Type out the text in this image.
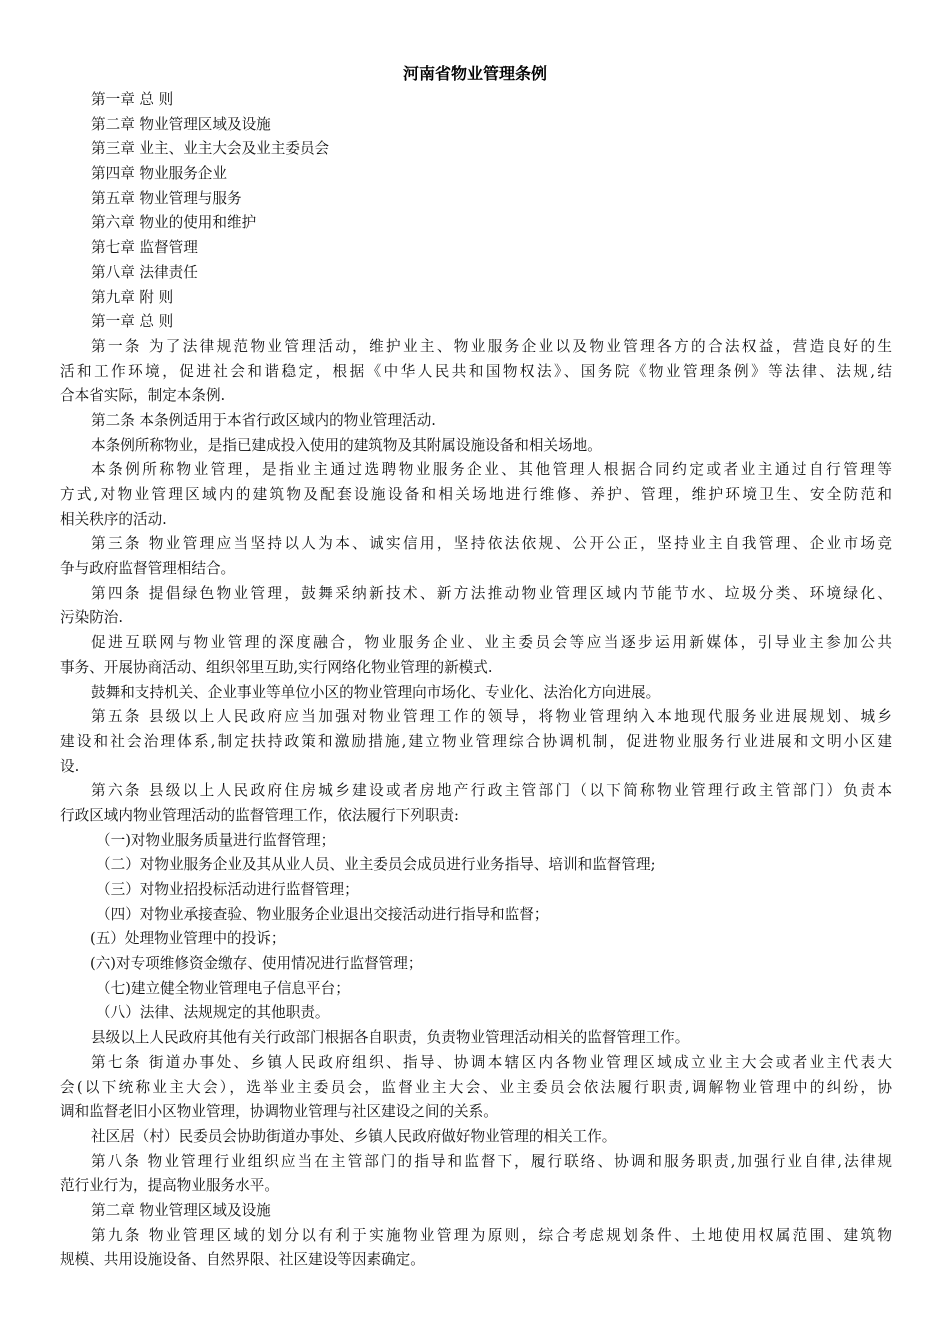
河南省物业管理条例
第一章 总 则
第二章 物业管理区域及设施
第三章 业主、业主大会及业主委员会
第四章 物业服务企业
第五章 物业管理与服务
第六章 物业的使用和维护
第七章 监督管理
第八章 法律责任
第九章 附 则
第一章 总 则
第一条 为了法律规范物业管理活动，维护业主、物业服务企业以及物业管理各方的合法权益，营造良好的生
活和工作环境，促进社会和谐稳定，根据《中华人民共和国物权法》、国务院《物业管理条例》等法律、法规,结
合本省实际，制定本条例.
第二条 本条例适用于本省行政区域内的物业管理活动.
本条例所称物业，是指已建成投入使用的建筑物及其附属设施设备和相关场地。
本条例所称物业管理，是指业主通过选聘物业服务企业、其他管理人根据合同约定或者业主通过自行管理等
方式,对物业管理区域内的建筑物及配套设施设备和相关场地进行维修、养护、管理，维护环境卫生、安全防范和
相关秩序的活动.
第三条 物业管理应当坚持以人为本、诚实信用，坚持依法依规、公开公正，坚持业主自我管理、企业市场竞
争与政府监督管理相结合。
第四条 提倡绿色物业管理，鼓舞采纳新技术、新方法推动物业管理区域内节能节水、垃圾分类、环境绿化、
污染防治.
促进互联网与物业管理的深度融合，物业服务企业、业主委员会等应当逐步运用新媒体，引导业主参加公共
事务、开展协商活动、组织邻里互助,实行网络化物业管理的新模式.
鼓舞和支持机关、企业事业等单位小区的物业管理向市场化、专业化、法治化方向进展。
第五条 县级以上人民政府应当加强对物业管理工作的领导，将物业管理纳入本地现代服务业进展规划、城乡
建设和社会治理体系,制定扶持政策和激励措施,建立物业管理综合协调机制，促进物业服务行业进展和文明小区建
设.
第六条 县级以上人民政府住房城乡建设或者房地产行政主管部门（以下简称物业管理行政主管部门）负责本
行政区域内物业管理活动的监督管理工作，依法履行下列职责:
（一)对物业服务质量进行监督管理；
（二）对物业服务企业及其从业人员、业主委员会成员进行业务指导、培训和监督管理;
（三）对物业招投标活动进行监督管理；
（四）对物业承接查验、物业服务企业退出交接活动进行指导和监督；
(五）处理物业管理中的投诉；
(六)对专项维修资金缴存、使用情况进行监督管理；
（七)建立健全物业管理电子信息平台；
（八）法律、法规规定的其他职责。
县级以上人民政府其他有关行政部门根据各自职责，负责物业管理活动相关的监督管理工作。
第七条 街道办事处、乡镇人民政府组织、指导、协调本辖区内各物业管理区域成立业主大会或者业主代表大
会(以下统称业主大会），选举业主委员会，监督业主大会、业主委员会依法履行职责,调解物业管理中的纠纷，协
调和监督老旧小区物业管理，协调物业管理与社区建设之间的关系。
社区居（村）民委员会协助街道办事处、乡镇人民政府做好物业管理的相关工作。
第八条 物业管理行业组织应当在主管部门的指导和监督下，履行联络、协调和服务职责,加强行业自律,法律规
范行业行为，提高物业服务水平。
第二章 物业管理区域及设施
第九条 物业管理区域的划分以有利于实施物业管理为原则，综合考虑规划条件、土地使用权属范围、建筑物
规模、共用设施设备、自然界限、社区建设等因素确定。
